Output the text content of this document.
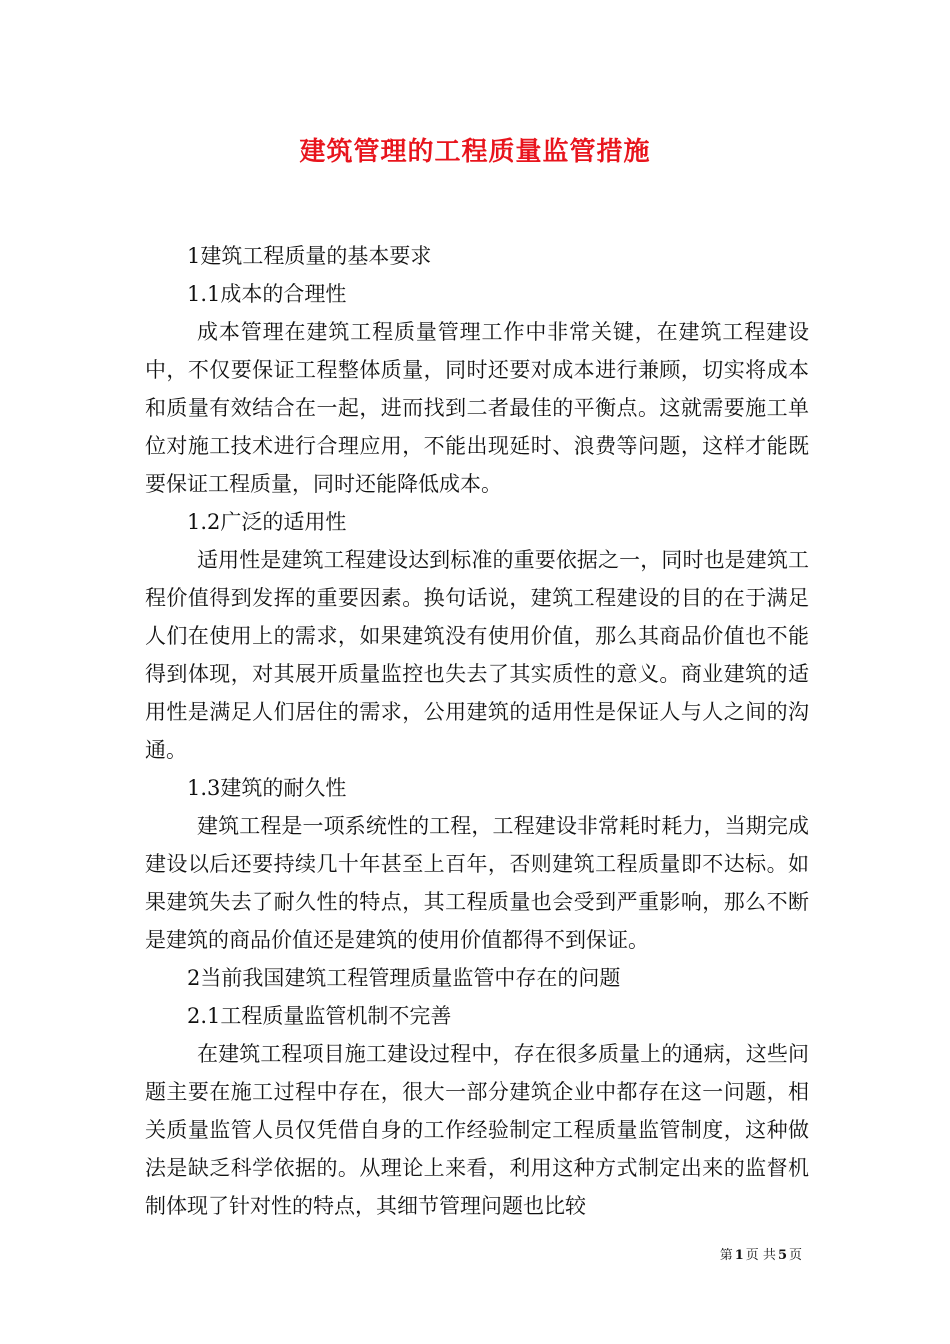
建筑管理的工程质量监管措施

1建筑工程质量的基本要求

1.1成本的合理性

成本管理在建筑工程质量管理工作中非常关键，在建筑工程建设中，不仅要保证工程整体质量，同时还要对成本进行兼顾，切实将成本和质量有效结合在一起，进而找到二者最佳的平衡点。这就需要施工单位对施工技术进行合理应用，不能出现延时、浪费等问题，这样才能既要保证工程质量，同时还能降低成本。

1.2广泛的适用性

适用性是建筑工程建设达到标准的重要依据之一，同时也是建筑工程价值得到发挥的重要因素。换句话说，建筑工程建设的目的在于满足人们在使用上的需求，如果建筑没有使用价值，那么其商品价值也不能得到体现，对其展开质量监控也失去了其实质性的意义。商业建筑的适用性是满足人们居住的需求，公用建筑的适用性是保证人与人之间的沟通。

1.3建筑的耐久性

建筑工程是一项系统性的工程，工程建设非常耗时耗力，当期完成建设以后还要持续几十年甚至上百年，否则建筑工程质量即不达标。如果建筑失去了耐久性的特点，其工程质量也会受到严重影响，那么不断是建筑的商品价值还是建筑的使用价值都得不到保证。

2当前我国建筑工程管理质量监管中存在的问题

2.1工程质量监管机制不完善

在建筑工程项目施工建设过程中，存在很多质量上的通病，这些问题主要在施工过程中存在，很大一部分建筑企业中都存在这一问题，相关质量监管人员仅凭借自身的工作经验制定工程质量监管制度，这种做法是缺乏科学依据的。从理论上来看，利用这种方式制定出来的监督机制体现了针对性的特点，其细节管理问题也比较

第 1 页 共 5 页
